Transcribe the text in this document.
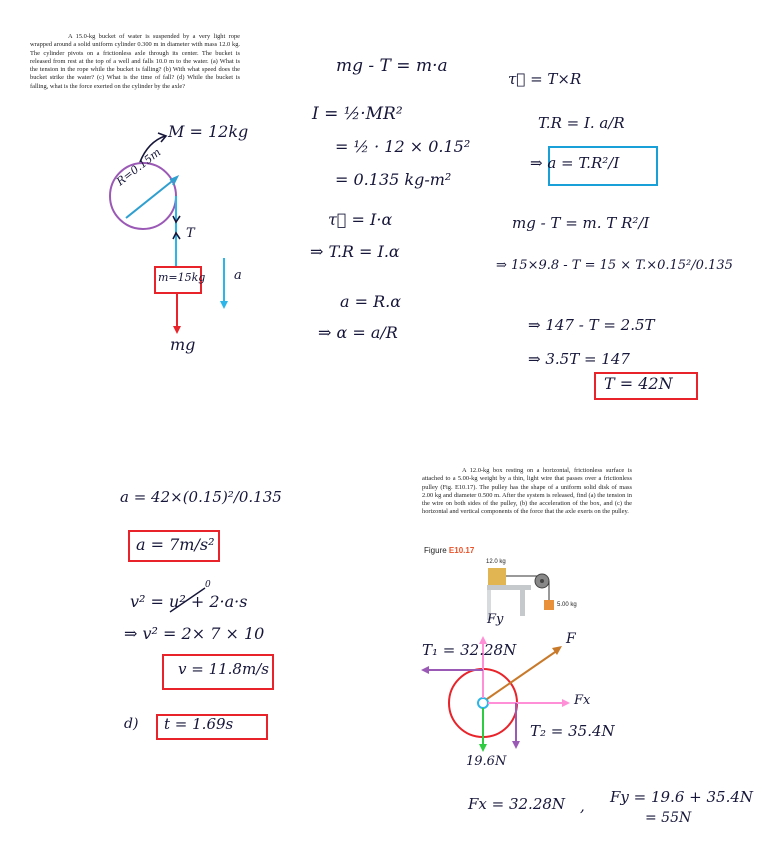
A 15.0-kg bucket of water is suspended by a very light rope wrapped around a solid uniform cylinder 0.300 m in diameter with mass 12.0 kg. The cylinder pivots on a frictionless axle through its center. The bucket is released from rest at the top of a well and falls 10.0 m to the water. (a) What is the tension in the rope while the bucket is falling? (b) With what speed does the bucket strike the water? (c) What is the time of fall? (d) While the bucket is falling, what is the force exerted on the cylinder by the axle?
M = 12kg
R=0.15m
T
m=15kg
mg
a
mg - T = m·a
I = ½·MR²
= ½ · 12 × 0.15²
= 0.135 kg-m²
τ⃗ = I·α
⇒ T.R = I.α
a = R.α
⇒ α = a/R
τ⃗ = T×R
T.R = I. a/R
⇒ a = T.R²/I
mg - T = m. T R²/I
⇒ 15×9.8 - T = 15 × T.×0.15²/0.135
⇒ 147 - T = 2.5T
⇒ 3.5T = 147
T = 42N
a = 42×(0.15)²/0.135
a = 7m/s²
v² = u² + 2·a·s
0
⇒ v² = 2× 7 × 10
v = 11.8m/s
d) t = 1.69s
A 12.0-kg box resting on a horizontal, frictionless surface is attached to a 5.00-kg weight by a thin, light wire that passes over a frictionless pulley (Fig. E10.17). The pulley has the shape of a uniform solid disk of mass 2.00 kg and diameter 0.500 m. After the system is released, find (a) the tension in the wire on both sides of the pulley, (b) the acceleration of the box, and (c) the horizontal and vertical components of the force that the axle exerts on the pulley.
Figure E10.17
12.0 kg
5.00 kg
Fy
F
Fx
T₁ = 32.28N
T₂ = 35.4N
19.6N
Fx = 32.28N , Fy = 19.6 + 35.4N
= 55N
